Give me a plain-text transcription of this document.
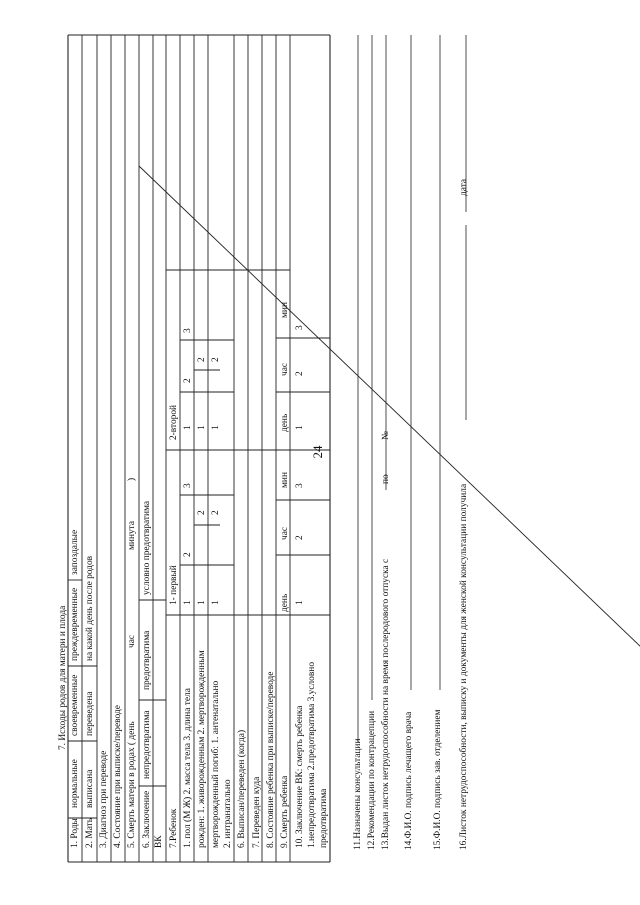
24
7. Исходы родов для матери и плода
1. Роды
нормальные
своевременные
преждевременные
запоздалые
2. Мать
выписана
переведена
на какой день после родов
3. Диагноз при переводе 4. Состояние при выписке/переводе 5. Смерть матери в родах ( день
час
минута
)
6. Заключение ВК
непредотвратима
предотвратима
условно предотвратима
7.Ребенок
1- первый
2-второй
1. пол (М Ж) 2. масса тела 3. длина тела рожден: 1. живорожденным 2. мертворожденным мертворожденный погиб: 1. антенатально 2. интранатально 6. Выписан/переведен (когда) 7. Переведен куда 8. Состояние ребенка при выписке/переводе 9. Смерть ребенка 10. Заключение ВК: смерть ребенка 1.непредотвратима 2.предотвратима 3.условно предотвратима
1
2
3
1
2
1
2
1
2
3
1
2
1
2
день
час
мин
1
2
3
день
час
мин
1
2
3
11.Назначены консультации 12.Рекомендации по контрацепции 13.Выдан листок нетрудоспособности на время послеродового отпуска с
по
№
14.Ф.И.О. подпись лечащего врача 15.Ф.И.О. подпись зав. отделением 16.Листок нетрудоспособности, выписку и документы для женской консультации получила
дата
